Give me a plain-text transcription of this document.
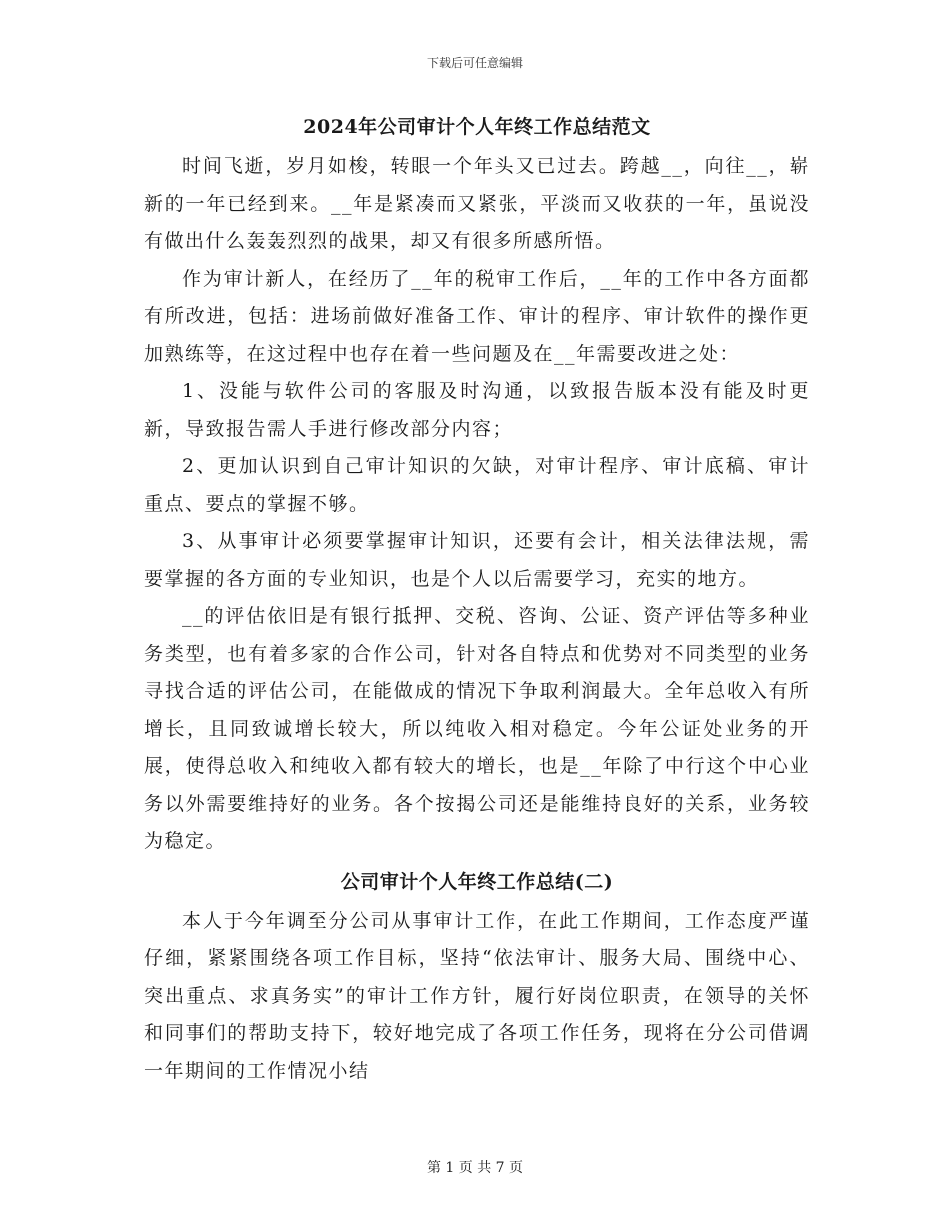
下载后可任意编辑
2024年公司审计个人年终工作总结范文

时间飞逝，岁月如梭，转眼一个年头又已过去。跨越__，向往__，崭新的一年已经到来。__年是紧凑而又紧张，平淡而又收获的一年，虽说没有做出什么轰轰烈烈的战果，却又有很多所感所悟。

作为审计新人，在经历了__年的税审工作后，__年的工作中各方面都有所改进，包括：进场前做好准备工作、审计的程序、审计软件的操作更加熟练等，在这过程中也存在着一些问题及在__年需要改进之处：

1、没能与软件公司的客服及时沟通，以致报告版本没有能及时更新，导致报告需人手进行修改部分内容；

2、更加认识到自己审计知识的欠缺，对审计程序、审计底稿、审计重点、要点的掌握不够。

3、从事审计必须要掌握审计知识，还要有会计，相关法律法规，需要掌握的各方面的专业知识，也是个人以后需要学习，充实的地方。

__的评估依旧是有银行抵押、交税、咨询、公证、资产评估等多种业务类型，也有着多家的合作公司，针对各自特点和优势对不同类型的业务寻找合适的评估公司，在能做成的情况下争取利润最大。全年总收入有所增长，且同致诚增长较大，所以纯收入相对稳定。今年公证处业务的开展，使得总收入和纯收入都有较大的增长，也是__年除了中行这个中心业务以外需要维持好的业务。各个按揭公司还是能维持良好的关系，业务较为稳定。

公司审计个人年终工作总结(二)

本人于今年调至分公司从事审计工作，在此工作期间，工作态度严谨仔细，紧紧围绕各项工作目标，坚持“依法审计、服务大局、围绕中心、突出重点、求真务实”的审计工作方针，履行好岗位职责，在领导的关怀和同事们的帮助支持下，较好地完成了各项工作任务，现将在分公司借调一年期间的工作情况小结

第 1 页 共 7 页
